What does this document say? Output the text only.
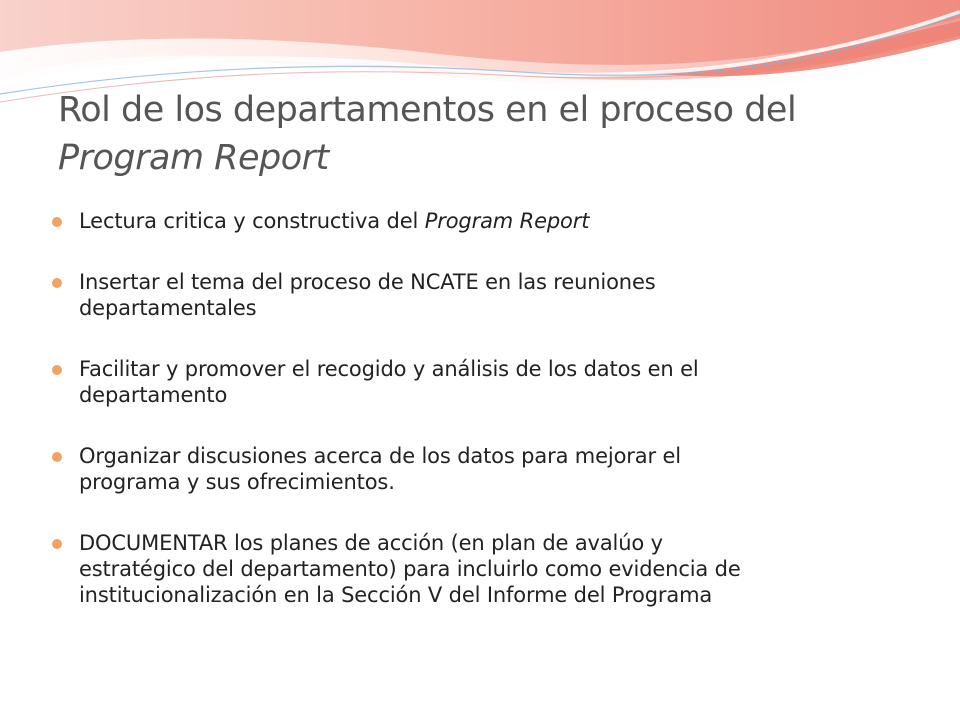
Rol de los departamentos en el proceso del
Program Report
Lectura critica y constructiva del Program Report
Insertar el tema del proceso de NCATE en las reuniones
departamentales
Facilitar y promover el recogido y análisis de los datos en el
departamento
Organizar discusiones acerca de los datos para mejorar el
programa y sus ofrecimientos.
DOCUMENTAR los planes de acción (en plan de avalúo y
estratégico del departamento) para incluirlo como evidencia de
institucionalización en la Sección V del Informe del Programa
